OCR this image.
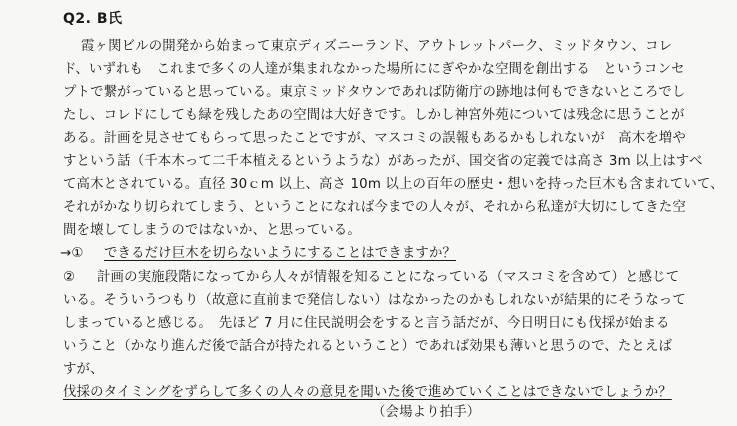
Q2. B氏
霞ヶ関ビルの開発から始まって東京ディズニーランド、アウトレットパーク、ミッドタウン、コレ
ド、いずれも　これまで多くの人達が集まれなかった場所ににぎやかな空間を創出する　というコンセ
プトで繋がっていると思っている。東京ミッドタウンであれば防衛庁の跡地は何もできないところでし
たし、コレドにしても緑を残したあの空間は大好きです。しかし神宮外苑については残念に思うことが
ある。計画を見させてもらって思ったことですが、マスコミの誤報もあるかもしれないが　高木を増や
すという話（千本木って二千本植えるというような）があったが、国交省の定義では高さ 3m 以上はすべ
て高木とされている。直径 30ｃm 以上、高さ 10m 以上の百年の歴史・想いを持った巨木も含まれていて、
それがかなり切られてしまう、ということになれば今までの人々が、それから私達が大切にしてきた空
間を壊してしまうのではないか、と思っている。
→① できるだけ巨木を切らないようにすることはできますか？
② 計画の実施段階になってから人々が情報を知ることになっている（マスコミを含めて）と感じて
いる。そういうつもり（故意に直前まで発信しない）はなかったのかもしれないが結果的にそうなって
しまっていると感じる。　先ほど 7 月に住民説明会をすると言う話だが、今日明日にも伐採が始まる
いうこと（かなり進んだ後で話合が持たれるということ）であれば効果も薄いと思うので、たとえば
すが、
伐採のタイミングをずらして多くの人々の意見を聞いた後で進めていくことはできないでしょうか？
（会場より拍手）
